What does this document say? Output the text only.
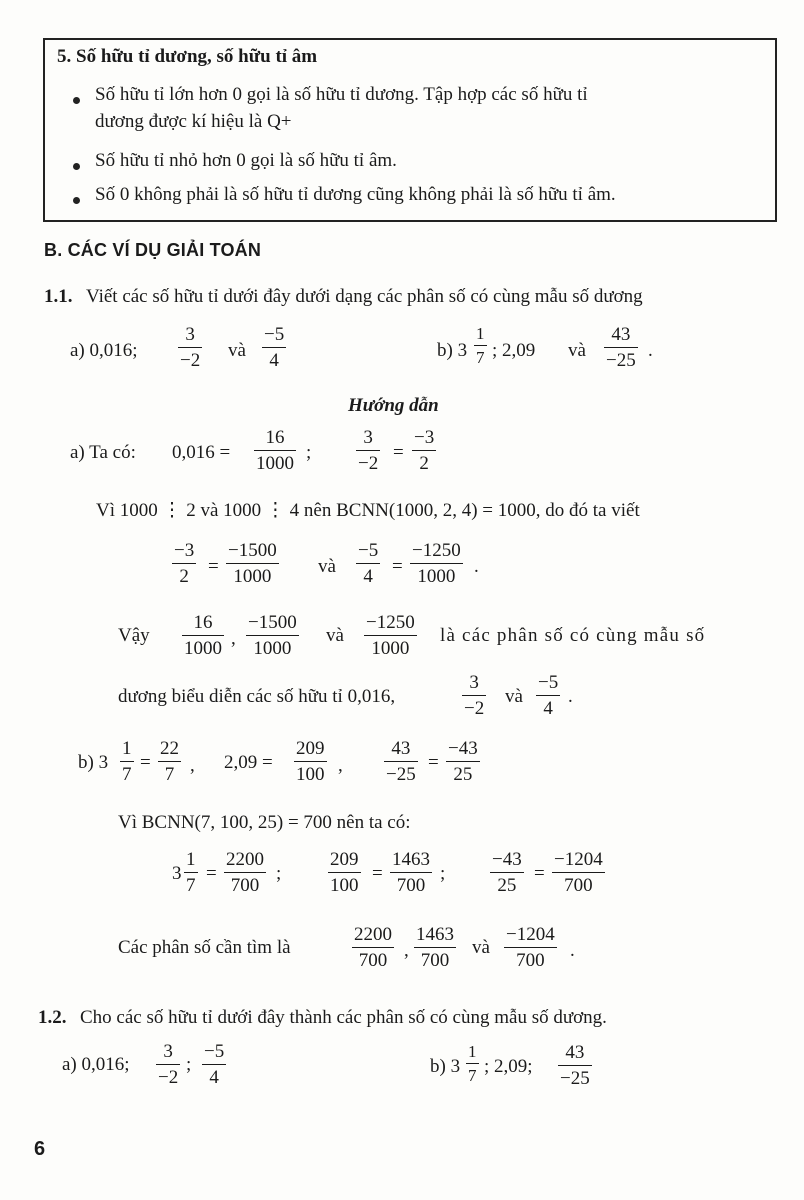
5. Số hữu tỉ dương, số hữu tỉ âm
Số hữu tỉ lớn hơn 0 gọi là số hữu tỉ dương. Tập hợp các số hữu tỉ
dương được kí hiệu là Q+
Số hữu tỉ nhỏ hơn 0 gọi là số hữu tỉ âm.
Số 0 không phải là số hữu tỉ dương cũng không phải là số hữu tỉ âm.
B. CÁC VÍ DỤ GIẢI TOÁN
1.1. Viết các số hữu tỉ dưới đây dưới dạng các phân số có cùng mẫu số dương
a) 0,016;
3
−2 và
−5
4	b) 3
1
7 ; 2,09 và
43
−25 .
Hướng dẫn
a) Ta có: 0,016 =
16
1000
;
3
−2
=
−3
2
Vì 1000 ⋮ 2 và 1000 ⋮ 4 nên BCNN(1000, 2, 4) = 1000, do đó ta viết
−3
2 =
−1500
1000 và
−5
4 =
−1250
1000 .
Vậy
16
1000 ,
−1500
1000
và
−1250
1000
là các phân số có cùng mẫu số
dương biểu diễn các số hữu tỉ 0,016,
3
−2
và
−5
4
.
b) 3
1
7
=
22
7 , 2,09 =
209
100 ,
43
−25
=
−43
25
Vì BCNN(7, 100, 25) = 700 nên ta có:
3
1
7
=
2200
700
;
209
100
=
1463
700
;
−43
25
=
−1204
700
Các phân số cần tìm là
2200
700 ,
1463
700
và
−1204
700 .
1.2. Cho các số hữu tỉ dưới đây thành các phân số có cùng mẫu số dương.
a) 0,016;
3
−2
;
−5
4
b) 3
1
7 ; 2,09;
43
−25
6
